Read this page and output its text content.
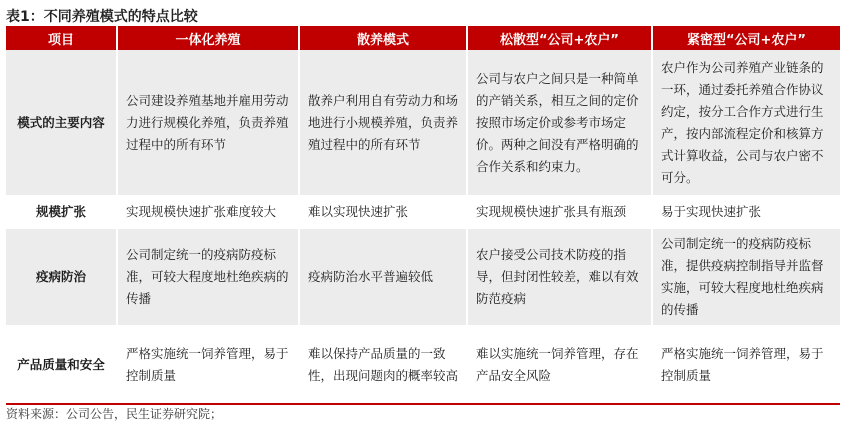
表1：不同养殖模式的特点比较
项目	一体化养殖	散养模式	松散型“公司+农户”	紧密型“公司+农户”
模式的主要内容	公司建设养殖基地并雇用劳动力进行规模化养殖，负责养殖过程中的所有环节	散养户利用自有劳动力和场地进行小规模养殖，负责养殖过程中的所有环节	公司与农户之间只是一种简单的产销关系，相互之间的定价按照市场定价或参考市场定价。两种之间没有严格明确的合作关系和约束力。	农户作为公司养殖产业链条的一环，通过委托养殖合作协议约定，按分工合作方式进行生产，按内部流程定价和核算方式计算收益，公司与农户密不可分。
规模扩张	实现规模快速扩张难度较大	难以实现快速扩张	实现规模快速扩张具有瓶颈	易于实现快速扩张
疫病防治	公司制定统一的疫病防疫标准，可较大程度地杜绝疾病的传播	疫病防治水平普遍较低	农户接受公司技术防疫的指导，但封闭性较差，难以有效防范疫病	公司制定统一的疫病防疫标准，提供疫病控制指导并监督实施，可较大程度地杜绝疾病的传播
产品质量和安全	严格实施统一饲养管理，易于控制质量	难以保持产品质量的一致性，出现问题肉的概率较高	难以实施统一饲养管理，存在产品安全风险	严格实施统一饲养管理，易于控制质量
资料来源：公司公告，民生证券研究院；
